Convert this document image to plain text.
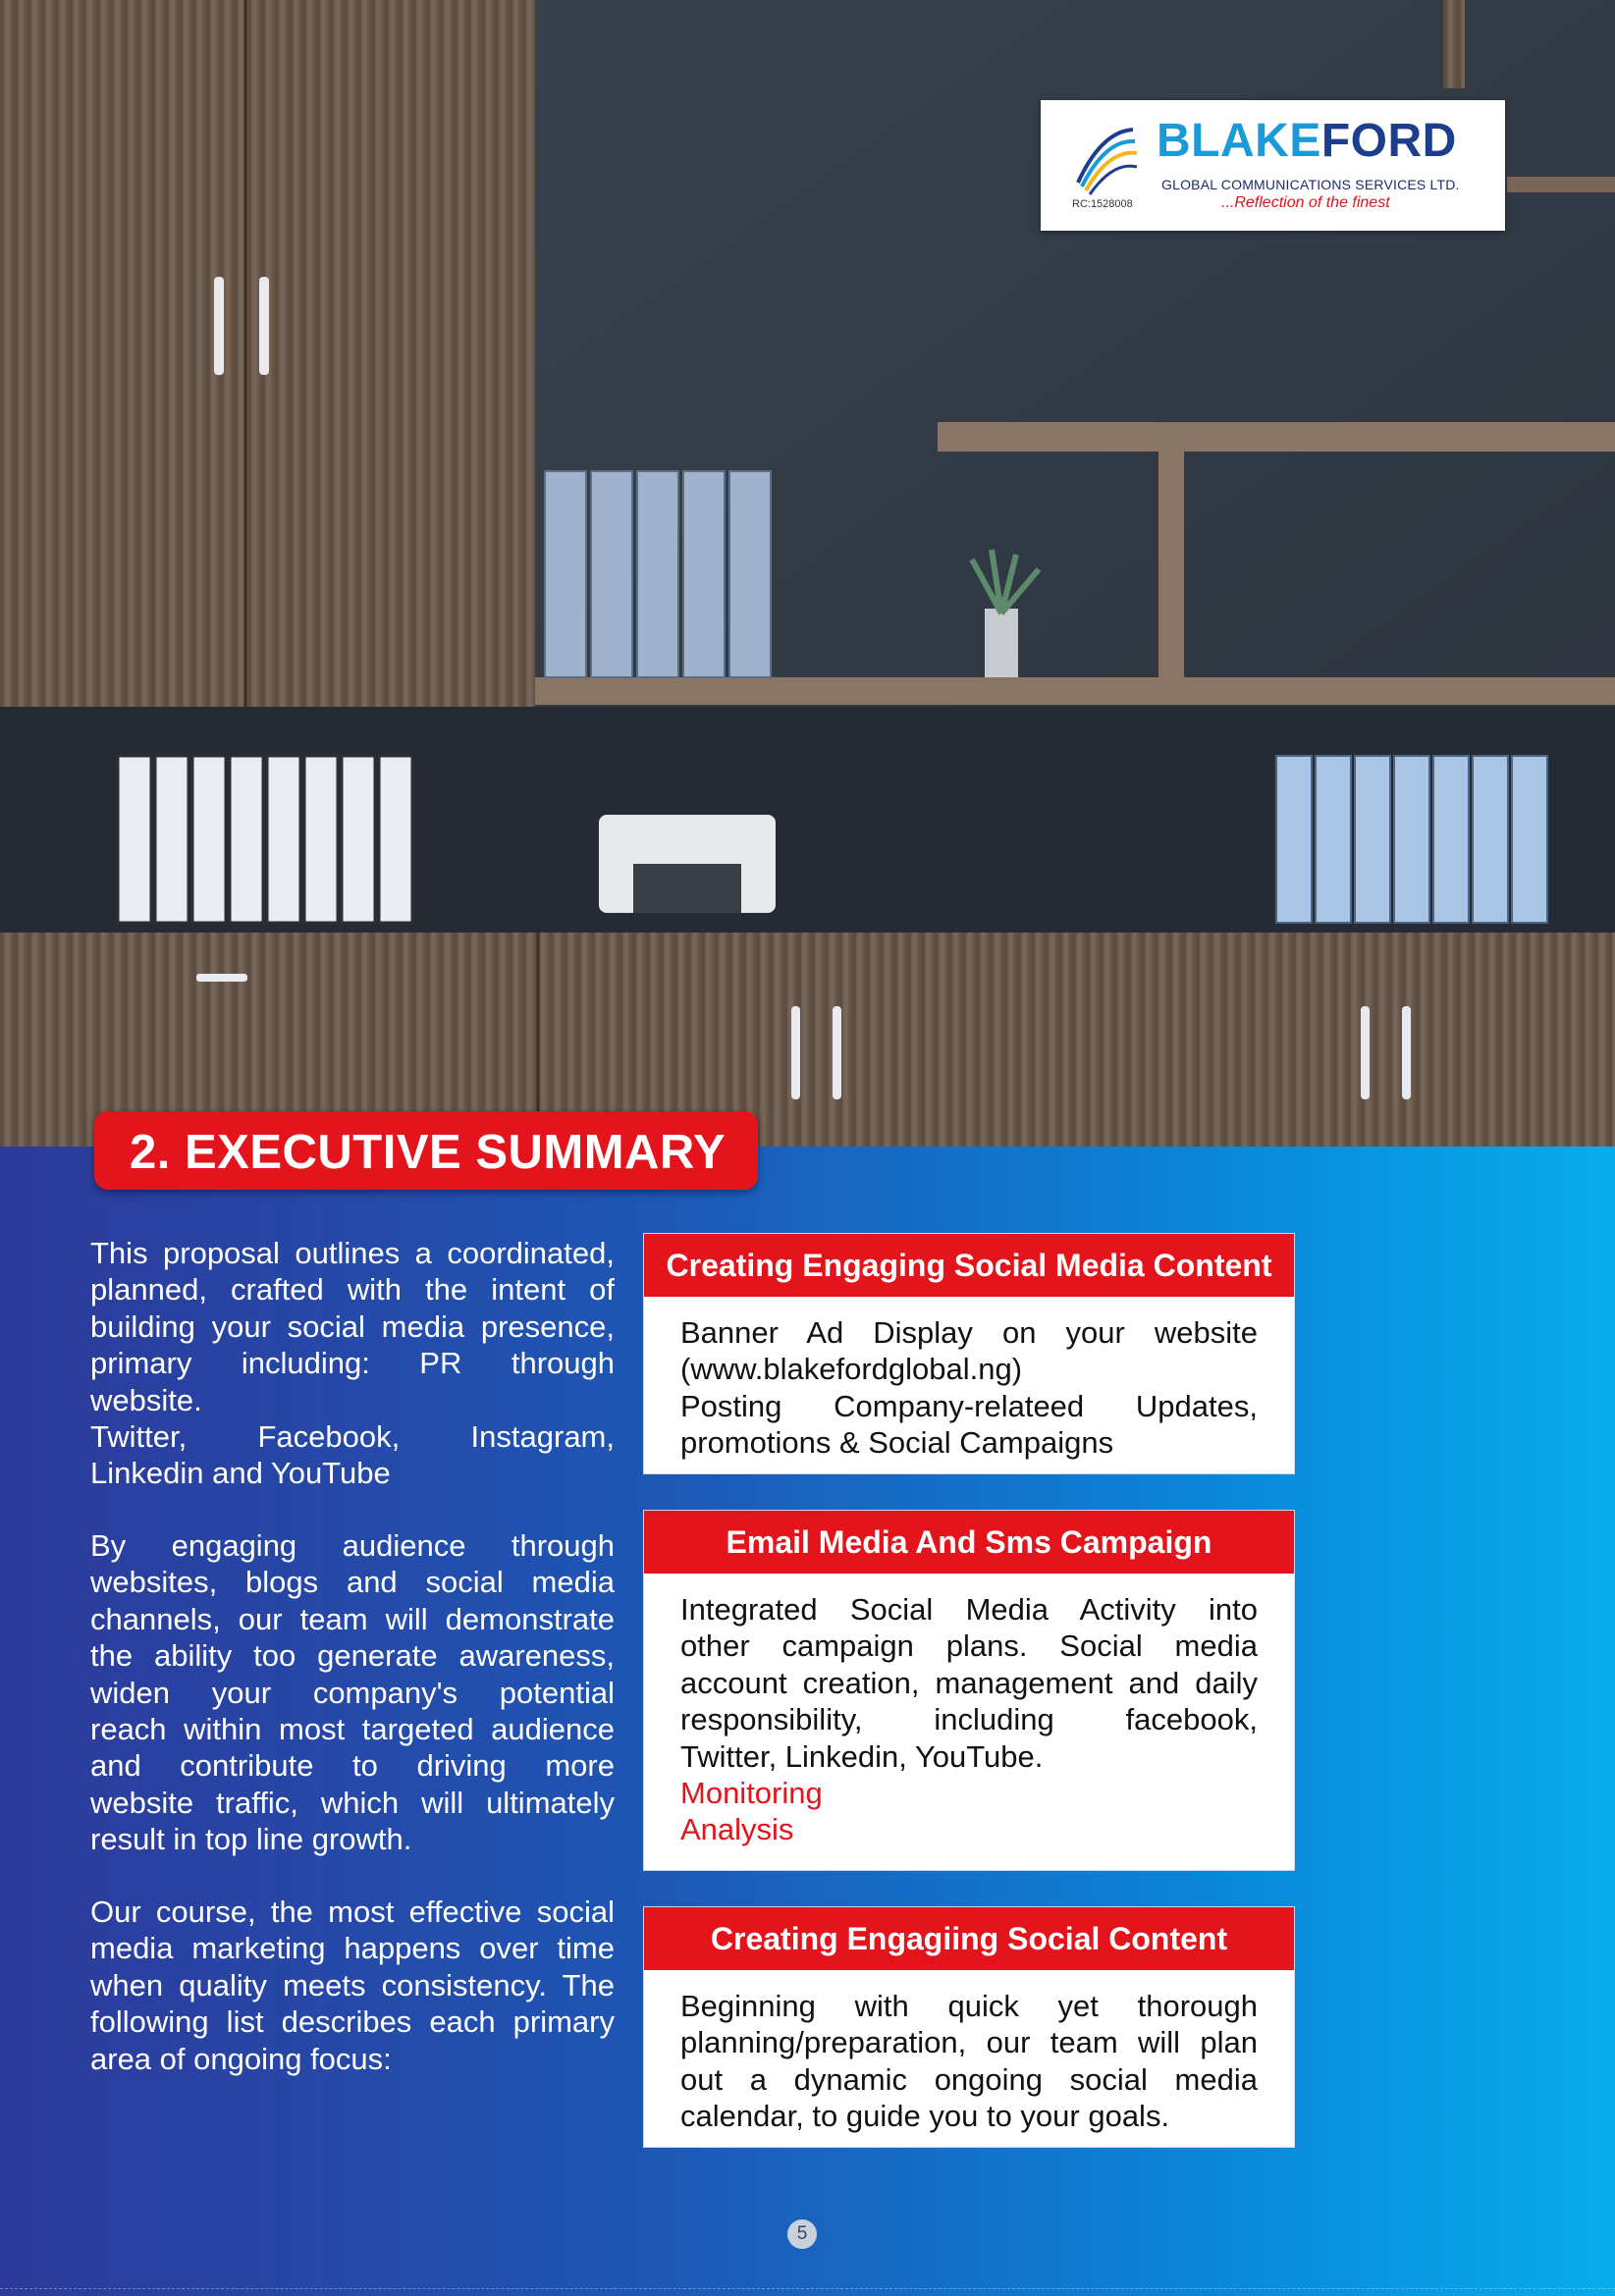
BLAKEFORD
GLOBAL COMMUNICATIONS SERVICES LTD.
...Reflection of the finest
RC:1528008
2. EXECUTIVE SUMMARY
This proposal outlines a coordinated,
planned, crafted with the intent of
building your social media presence,
primary including: PR through
website.
Twitter, Facebook, Instagram,
Linkedin and YouTube
By engaging audience through
websites, blogs and social media
channels, our team will demonstrate
the ability too generate awareness,
widen your company's potential
reach within most targeted audience
and contribute to driving more
website traffic, which will ultimately
result in top line growth.
Our course, the most effective social
media marketing happens over time
when quality meets consistency. The
following list describes each primary
area of ongoing focus:
Creating Engaging Social Media Content
Banner Ad Display on your website
(www.blakefordglobal.ng)
Posting Company-relateed Updates,
promotions & Social Campaigns
Email Media And Sms Campaign
Integrated Social Media Activity into
other campaign plans. Social media
account creation, management and daily
responsibility, including facebook,
Twitter, Linkedin, YouTube.
Monitoring
Analysis
Creating Engagiing Social Content
Beginning with quick yet thorough
planning/preparation, our team will plan
out a dynamic ongoing social media
calendar, to guide you to your goals.
5
